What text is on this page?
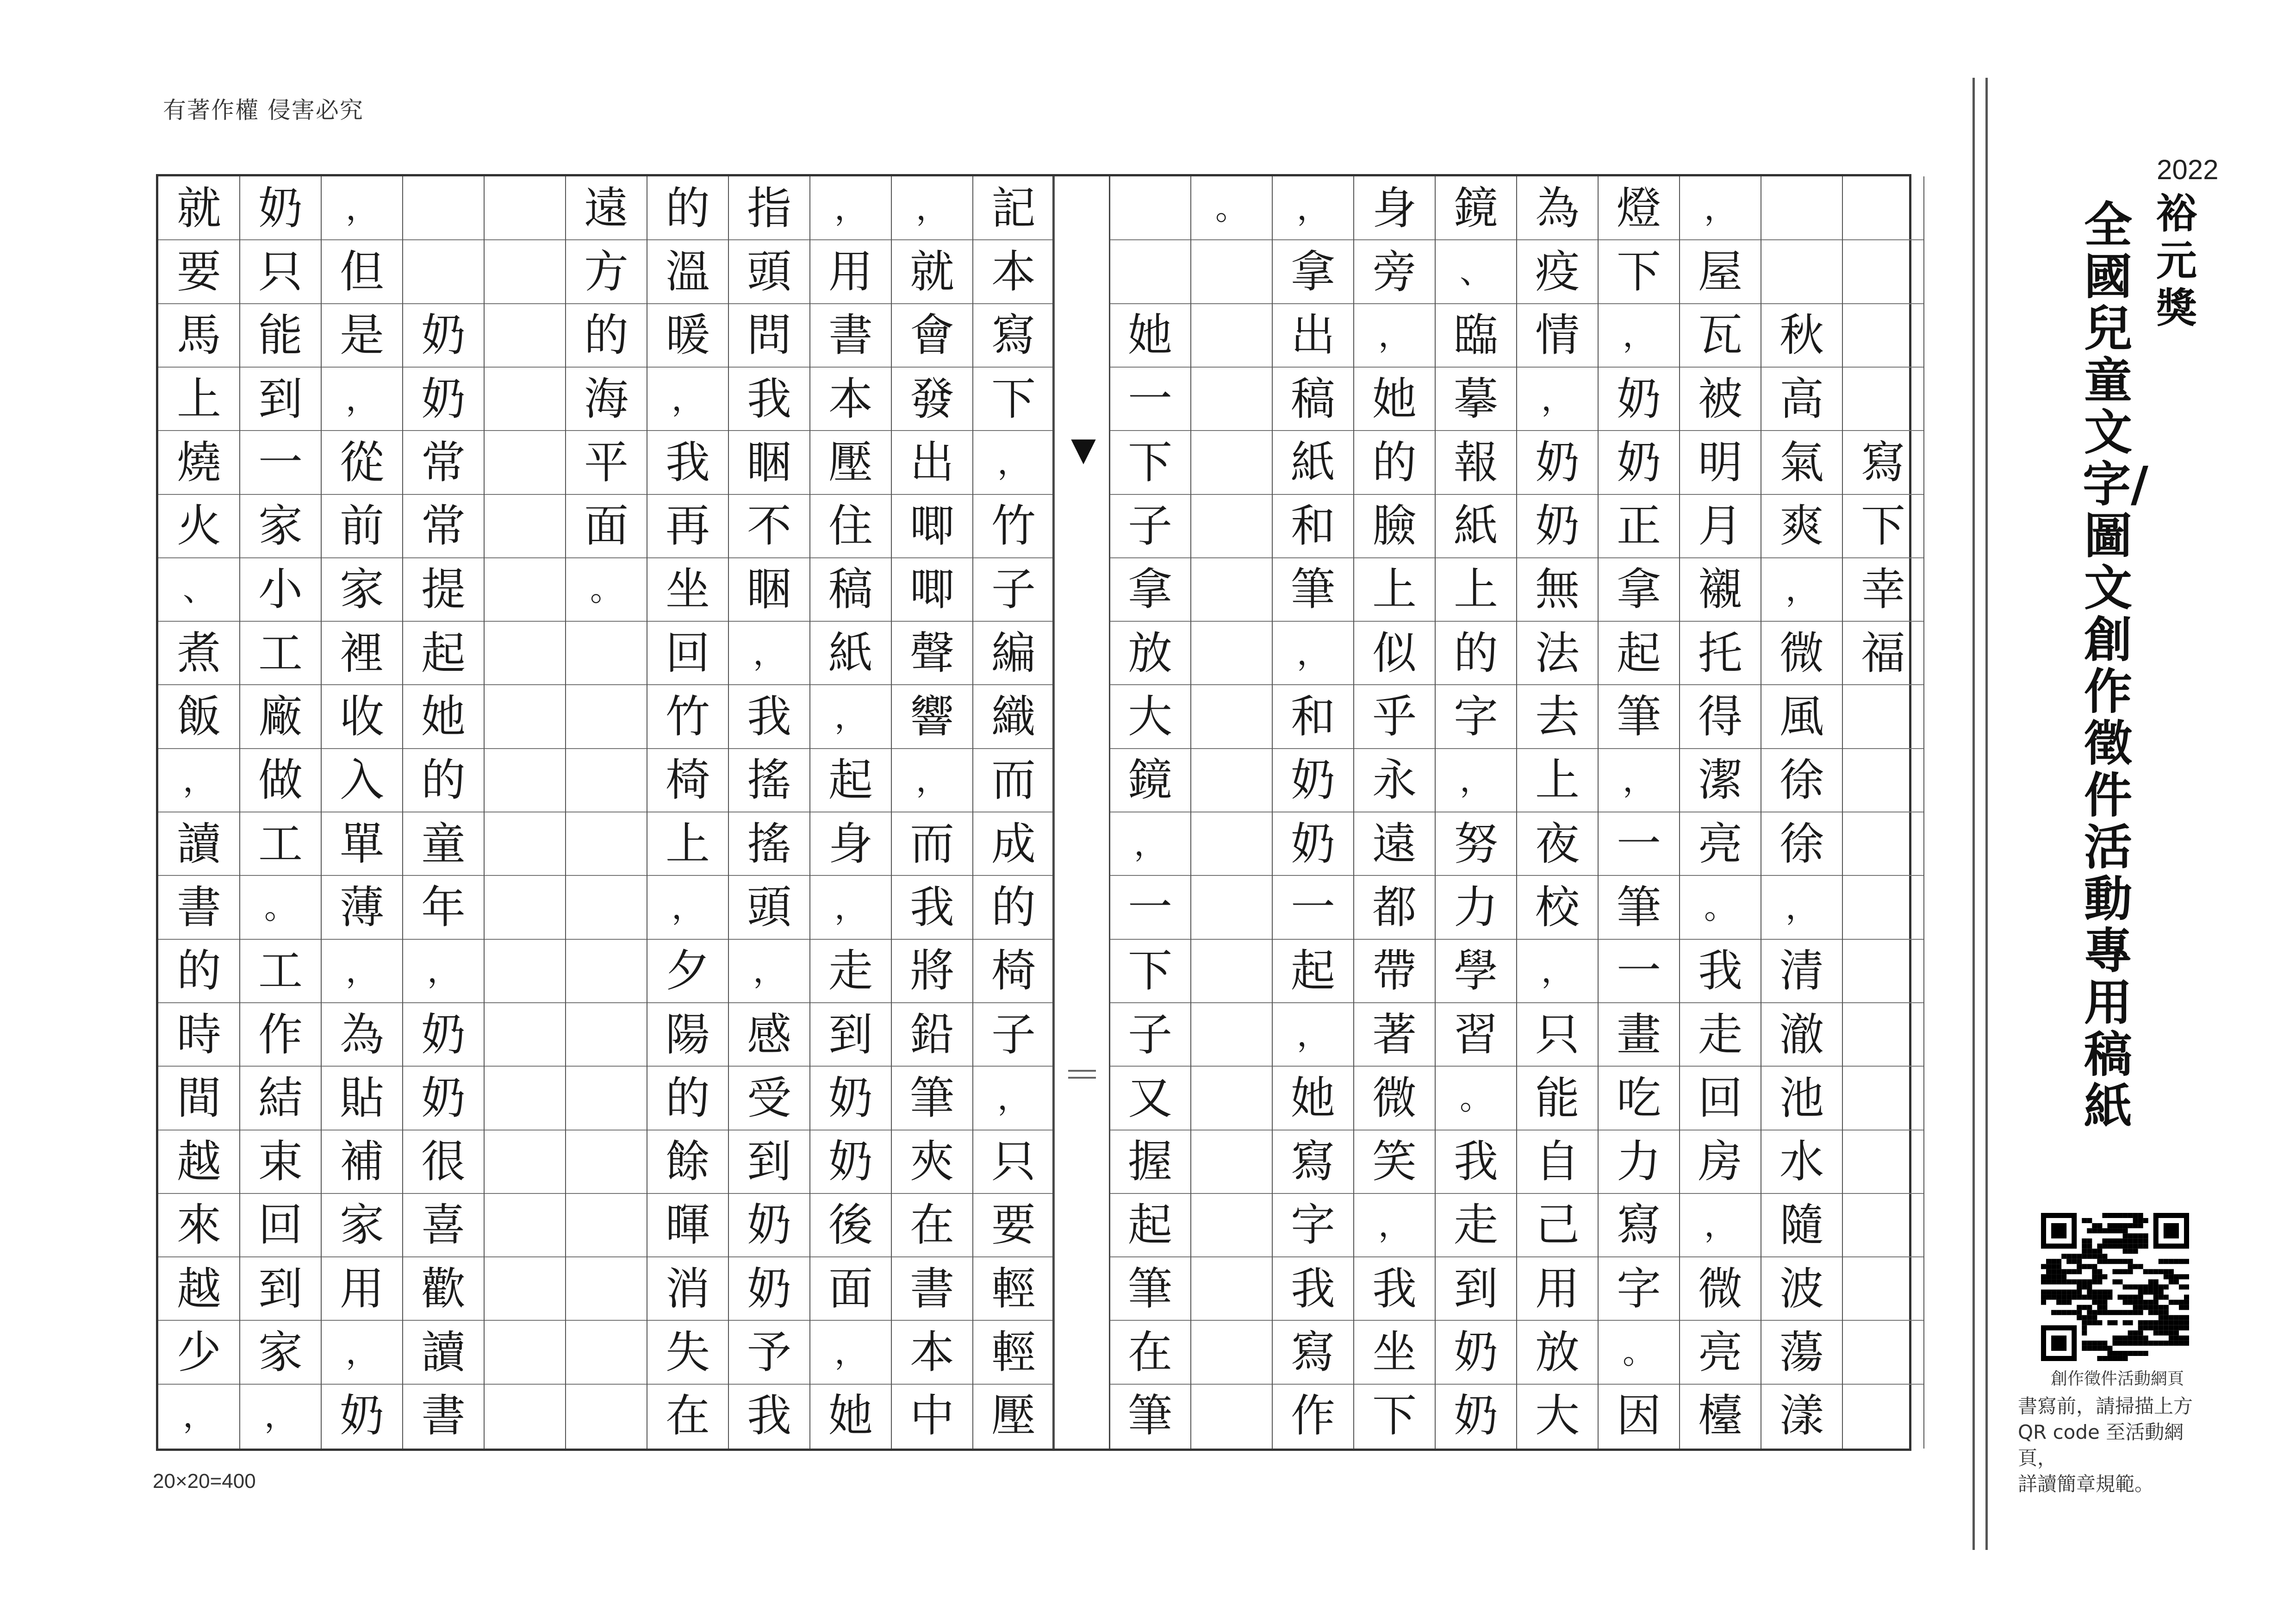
有著作權 侵害必究
記
本
寫
下
，
竹
子
編
織
而
成
的
椅
子
，
只
要
輕
輕
壓
，
就
會
發
出
唧
唧
聲
響
，
而
我
將
鉛
筆
夾
在
書
本
中
，
用
書
本
壓
住
稿
紙
，
起
身
，
走
到
奶
奶
後
面
，
她
指
頭
問
我
睏
不
睏
，
我
搖
搖
頭
，
感
受
到
奶
奶
予
我
的
溫
暖
，
我
再
坐
回
竹
椅
上
，
夕
陽
的
餘
暉
消
失
在
遠
方
的
海
平
面
。
奶
奶
常
常
提
起
她
的
童
年
，
奶
奶
很
喜
歡
讀
書
，
但
是
，
從
前
家
裡
收
入
單
薄
，
為
貼
補
家
用
，
奶
奶
只
能
到
一
家
小
工
廠
做
工
。
工
作
結
束
回
到
家
，
就
要
馬
上
燒
火
、
煮
飯
，
讀
書
的
時
間
越
來
越
少
，
寫
下
幸
福
秋
高
氣
爽
，
微
風
徐
徐
，
清
澈
池
水
隨
波
蕩
漾
，
屋
瓦
被
明
月
襯
托
得
潔
亮
。
我
走
回
房
，
微
亮
檯
燈
下
，
奶
奶
正
拿
起
筆
，
一
筆
一
畫
吃
力
寫
字
。
因
為
疫
情
，
奶
奶
無
法
去
上
夜
校
，
只
能
自
己
用
放
大
鏡
、
臨
摹
報
紙
上
的
字
，
努
力
學
習
。
我
走
到
奶
奶
身
旁
，
她
的
臉
上
似
乎
永
遠
都
帶
著
微
笑
，
我
坐
下
，
拿
出
稿
紙
和
筆
，
和
奶
奶
一
起
，
她
寫
字
我
寫
作
。
她
一
下
子
拿
放
大
鏡
，
一
下
子
又
握
起
筆
在
筆
▲
20×20=400
2022
裕元獎
全國兒童文字/圖文創作徵件活動專用稿紙
創作徵件活動網頁
書寫前，請掃描上方
QR code 至活動網頁，
詳讀簡章規範。
